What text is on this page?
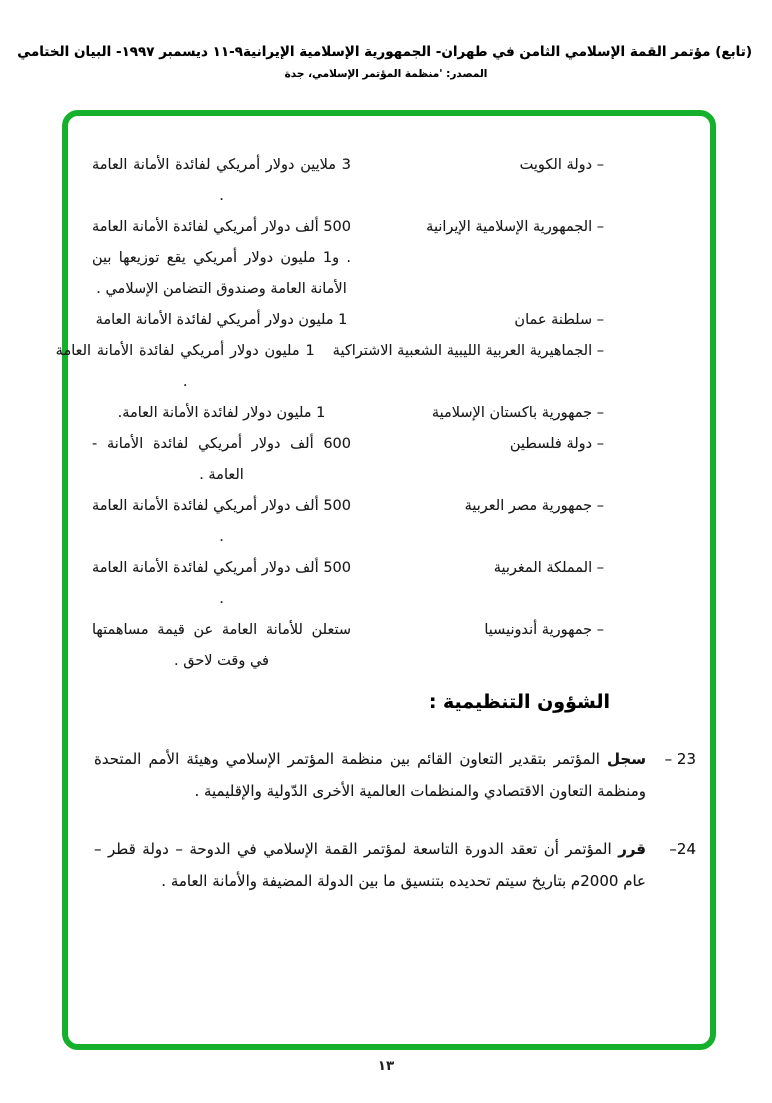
(تابع) مؤتمر القمة الإسلامي الثامن في طهران- الجمهورية الإسلامية الإيرانية٩-١١ ديسمبر ١٩٩٧- البيان الختامي
المصدر: 'منظمة المؤتمر الإسلامي، جدة
– دولة الكويت
3 ملايين دولار أمريكي لفائدة الأمانة العامة .
– الجمهورية الإسلامية الإيرانية
500 ألف دولار أمريكي لفائدة الأمانة العامة . و1 مليون دولار أمريكي يقع توزيعها بين الأمانة العامة وصندوق التضامن الإسلامي .
– سلطنة عمان
1 مليون دولار أمريكي لفائدة الأمانة العامة
– الجماهيرية العربية الليبية الشعبية الاشتراكية
1 مليون دولار أمريكي لفائدة الأمانة العامة .
– جمهورية باكستان الإسلامية
1 مليون دولار لفائدة الأمانة العامة.
– دولة فلسطين
600 ألف دولار أمريكي لفائدة الأمانة - العامة .
– جمهورية مصر العربية
500 ألف دولار أمريكي لفائدة الأمانة العامة .
– المملكة المغربية
500 ألف دولار أمريكي لفائدة الأمانة العامة .
– جمهورية أندونيسيا
ستعلن للأمانة العامة عن قيمة مساهمتها في وقت لاحق .
الشؤون التنظيمية :
23 –

سجل المؤتمر بتقدير التعاون القائم بين منظمة المؤتمر الإسلامي وهيئة الأمم المتحدة ومنظمة التعاون الاقتصادي والمنظمات العالمية الأخرى الدّولية والإقليمية .

24–

قرر المؤتمر أن تعقد الدورة التاسعة لمؤتمر القمة الإسلامي في الدوحة – دولة قطر – عام 2000م بتاريخ سيتم تحديده بتنسيق ما بين الدولة المضيفة والأمانة العامة .

١٣
